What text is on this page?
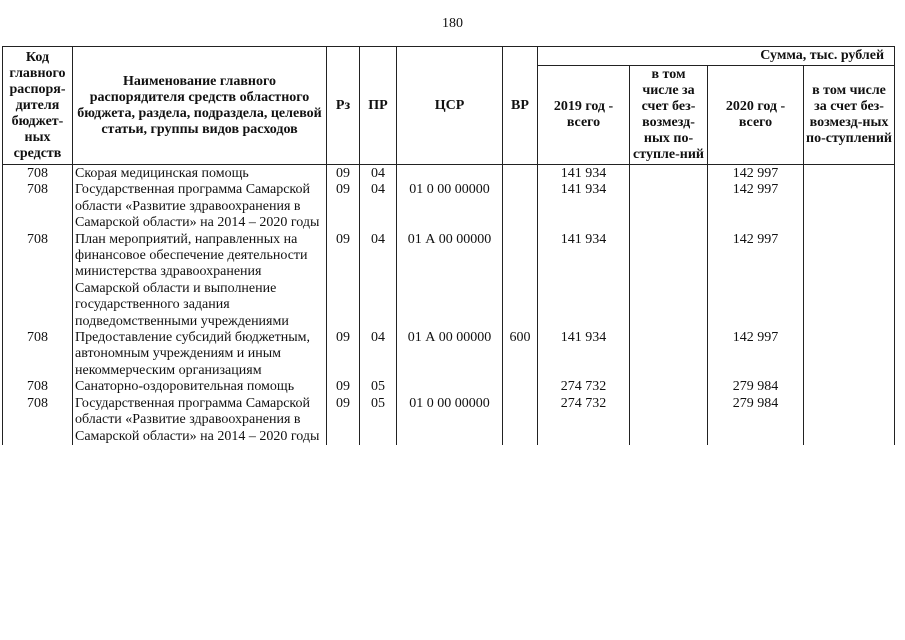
180
Код главного распоря-дителя бюджет-ных средств	Наименование главного распорядителя средств областного бюджета, раздела, подраздела, целевой статьи, группы видов расходов	Рз	ПР	ЦСР	ВР	Сумма, тыс. рублей			
						2019 год - всего	в том числе за счет без-возмезд-ных по-ступле-ний	2020 год - всего	в том числе за счет без-возмезд-ных по-ступлений
708	Скорая медицинская помощь	09	04			141 934		142 997	
708	Государственная программа Самарской области «Развитие здравоохранения в Самарской области» на 2014 – 2020 годы	09	04	01 0 00 00000		141 934		142 997	
708	План мероприятий, направленных на финансовое обеспечение деятельности министерства здравоохранения Самарской области и выполнение государственного задания подведомственными учреждениями	09	04	01 А 00 00000		141 934		142 997	
708	Предоставление субсидий бюджетным, автономным учреждениям и иным некоммерческим организациям	09	04	01 А 00 00000	600	141 934		142 997	
708	Санаторно-оздоровительная помощь	09	05			274 732		279 984	
708	Государственная программа Самарской области «Развитие здравоохранения в Самарской области» на 2014 – 2020 годы	09	05	01 0 00 00000		274 732		279 984	
